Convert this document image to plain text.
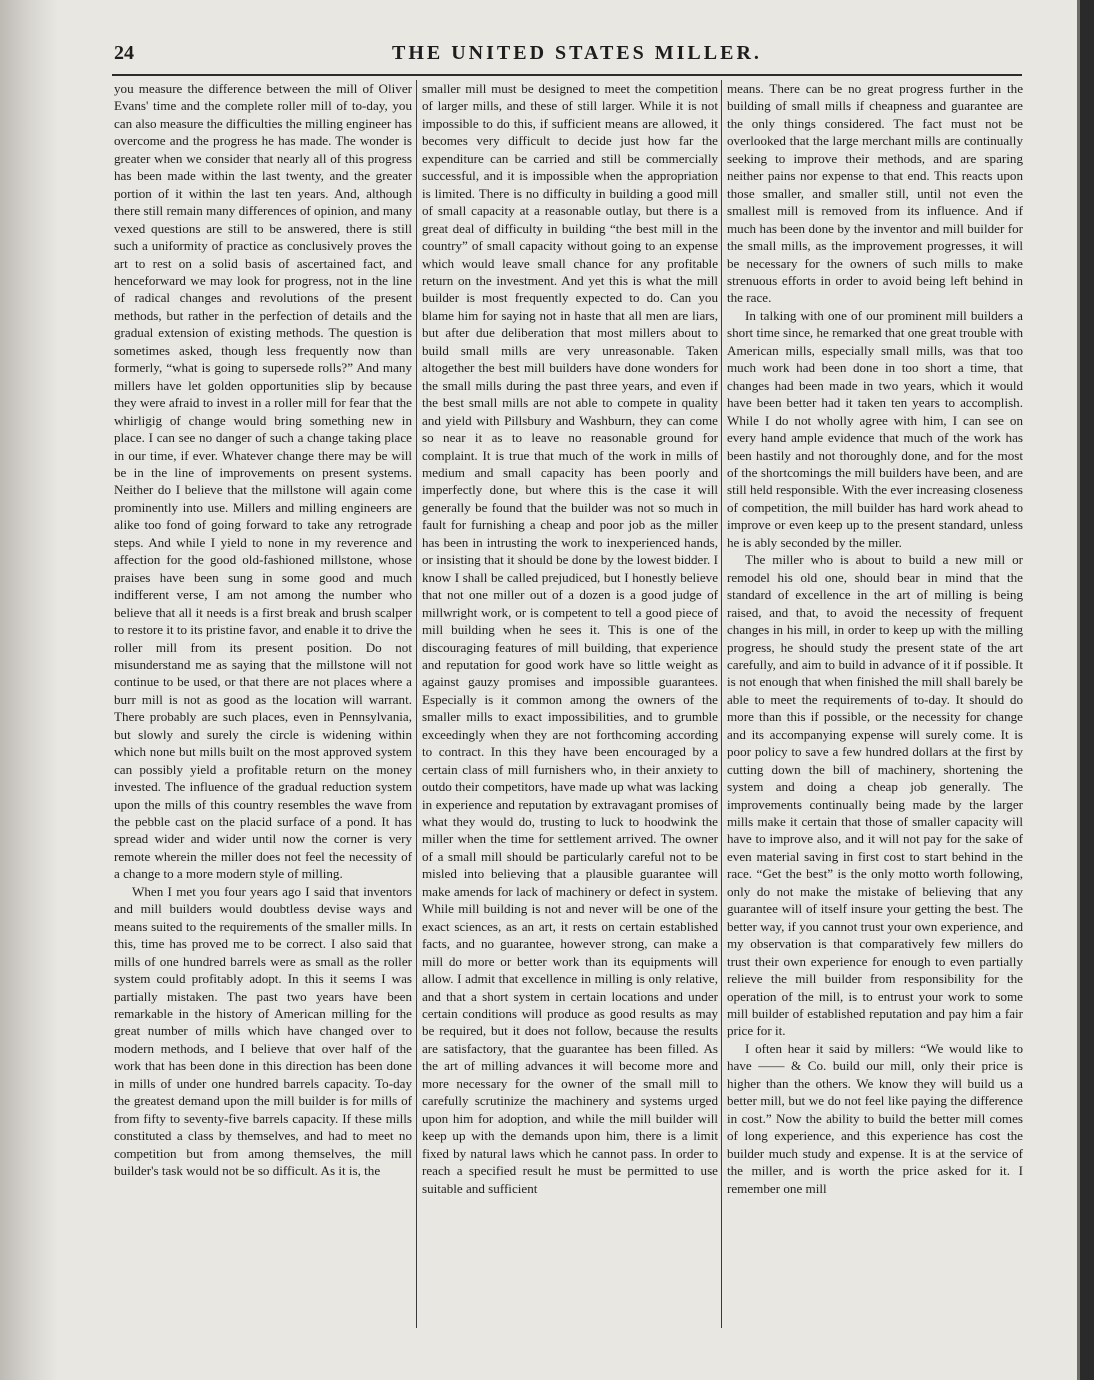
24	THE UNITED STATES MILLER.

you measure the difference between the mill of Oliver Evans' time and the complete roller mill of to-day, you can also measure the difficulties the milling engineer has overcome and the progress he has made. The wonder is greater when we consider that nearly all of this progress has been made within the last twenty, and the greater portion of it within the last ten years. And, although there still remain many differences of opinion, and many vexed questions are still to be answered, there is still such a uniformity of practice as conclusively proves the art to rest on a solid basis of ascertained fact, and henceforward we may look for progress, not in the line of radical changes and revolutions of the present methods, but rather in the perfection of details and the gradual extension of existing methods. The question is sometimes asked, though less frequently now than formerly, “what is going to supersede rolls?” And many millers have let golden opportunities slip by because they were afraid to invest in a roller mill for fear that the whirligig of change would bring something new in place. I can see no danger of such a change taking place in our time, if ever. Whatever change there may be will be in the line of improvements on present systems. Neither do I believe that the millstone will again come prominently into use. Millers and milling engineers are alike too fond of going forward to take any retrograde steps. And while I yield to none in my reverence and affection for the good old-fashioned millstone, whose praises have been sung in some good and much indifferent verse, I am not among the number who believe that all it needs is a first break and brush scalper to restore it to its pristine favor, and enable it to drive the roller mill from its present position. Do not misunderstand me as saying that the millstone will not continue to be used, or that there are not places where a burr mill is not as good as the location will warrant. There probably are such places, even in Pennsylvania, but slowly and surely the circle is widening within which none but mills built on the most approved system can possibly yield a profitable return on the money invested. The influence of the gradual reduction system upon the mills of this country resembles the wave from the pebble cast on the placid surface of a pond. It has spread wider and wider until now the corner is very remote wherein the miller does not feel the necessity of a change to a more modern style of milling.

When I met you four years ago I said that inventors and mill builders would doubtless devise ways and means suited to the requirements of the smaller mills. In this, time has proved me to be correct. I also said that mills of one hundred barrels were as small as the roller system could profitably adopt. In this it seems I was partially mistaken. The past two years have been remarkable in the history of American milling for the great number of mills which have changed over to modern methods, and I believe that over half of the work that has been done in this direction has been done in mills of under one hundred barrels capacity. To-day the greatest demand upon the mill builder is for mills of from fifty to seventy-five barrels capacity. If these mills constituted a class by themselves, and had to meet no competition but from among themselves, the mill builder's task would not be so difficult. As it is, the

smaller mill must be designed to meet the competition of larger mills, and these of still larger. While it is not impossible to do this, if sufficient means are allowed, it becomes very difficult to decide just how far the expenditure can be carried and still be commercially successful, and it is impossible when the appropriation is limited. There is no difficulty in building a good mill of small capacity at a reasonable outlay, but there is a great deal of difficulty in building “the best mill in the country” of small capacity without going to an expense which would leave small chance for any profitable return on the investment. And yet this is what the mill builder is most frequently expected to do. Can you blame him for saying not in haste that all men are liars, but after due deliberation that most millers about to build small mills are very unreasonable. Taken altogether the best mill builders have done wonders for the small mills during the past three years, and even if the best small mills are not able to compete in quality and yield with Pillsbury and Washburn, they can come so near it as to leave no reasonable ground for complaint. It is true that much of the work in mills of medium and small capacity has been poorly and imperfectly done, but where this is the case it will generally be found that the builder was not so much in fault for furnishing a cheap and poor job as the miller has been in intrusting the work to inexperienced hands, or insisting that it should be done by the lowest bidder. I know I shall be called prejudiced, but I honestly believe that not one miller out of a dozen is a good judge of millwright work, or is competent to tell a good piece of mill building when he sees it. This is one of the discouraging features of mill building, that experience and reputation for good work have so little weight as against gauzy promises and impossible guarantees. Especially is it common among the owners of the smaller mills to exact impossibilities, and to grumble exceedingly when they are not forthcoming according to contract. In this they have been encouraged by a certain class of mill furnishers who, in their anxiety to outdo their competitors, have made up what was lacking in experience and reputation by extravagant promises of what they would do, trusting to luck to hoodwink the miller when the time for settlement arrived. The owner of a small mill should be particularly careful not to be misled into believing that a plausible guarantee will make amends for lack of machinery or defect in system. While mill building is not and never will be one of the exact sciences, as an art, it rests on certain established facts, and no guarantee, however strong, can make a mill do more or better work than its equipments will allow. I admit that excellence in milling is only relative, and that a short system in certain locations and under certain conditions will produce as good results as may be required, but it does not follow, because the results are satisfactory, that the guarantee has been filled. As the art of milling advances it will become more and more necessary for the owner of the small mill to carefully scrutinize the machinery and systems urged upon him for adoption, and while the mill builder will keep up with the demands upon him, there is a limit fixed by natural laws which he cannot pass. In order to reach a specified result he must be permitted to use suitable and sufficient

means. There can be no great progress further in the building of small mills if cheapness and guarantee are the only things considered. The fact must not be overlooked that the large merchant mills are continually seeking to improve their methods, and are sparing neither pains nor expense to that end. This reacts upon those smaller, and smaller still, until not even the smallest mill is removed from its influence. And if much has been done by the inventor and mill builder for the small mills, as the improvement progresses, it will be necessary for the owners of such mills to make strenuous efforts in order to avoid being left behind in the race.

In talking with one of our prominent mill builders a short time since, he remarked that one great trouble with American mills, especially small mills, was that too much work had been done in too short a time, that changes had been made in two years, which it would have been better had it taken ten years to accomplish. While I do not wholly agree with him, I can see on every hand ample evidence that much of the work has been hastily and not thoroughly done, and for the most of the shortcomings the mill builders have been, and are still held responsible. With the ever increasing closeness of competition, the mill builder has hard work ahead to improve or even keep up to the present standard, unless he is ably seconded by the miller.

The miller who is about to build a new mill or remodel his old one, should bear in mind that the standard of excellence in the art of milling is being raised, and that, to avoid the necessity of frequent changes in his mill, in order to keep up with the milling progress, he should study the present state of the art carefully, and aim to build in advance of it if possible. It is not enough that when finished the mill shall barely be able to meet the requirements of to-day. It should do more than this if possible, or the necessity for change and its accompanying expense will surely come. It is poor policy to save a few hundred dollars at the first by cutting down the bill of machinery, shortening the system and doing a cheap job generally. The improvements continually being made by the larger mills make it certain that those of smaller capacity will have to improve also, and it will not pay for the sake of even material saving in first cost to start behind in the race. “Get the best” is the only motto worth following, only do not make the mistake of believing that any guarantee will of itself insure your getting the best. The better way, if you cannot trust your own experience, and my observation is that comparatively few millers do trust their own experience for enough to even partially relieve the mill builder from responsibility for the operation of the mill, is to entrust your work to some mill builder of established reputation and pay him a fair price for it.

I often hear it said by millers: “We would like to have —— & Co. build our mill, only their price is higher than the others. We know they will build us a better mill, but we do not feel like paying the difference in cost.” Now the ability to build the better mill comes of long experience, and this experience has cost the builder much study and expense. It is at the service of the miller, and is worth the price asked for it. I remember one mill
